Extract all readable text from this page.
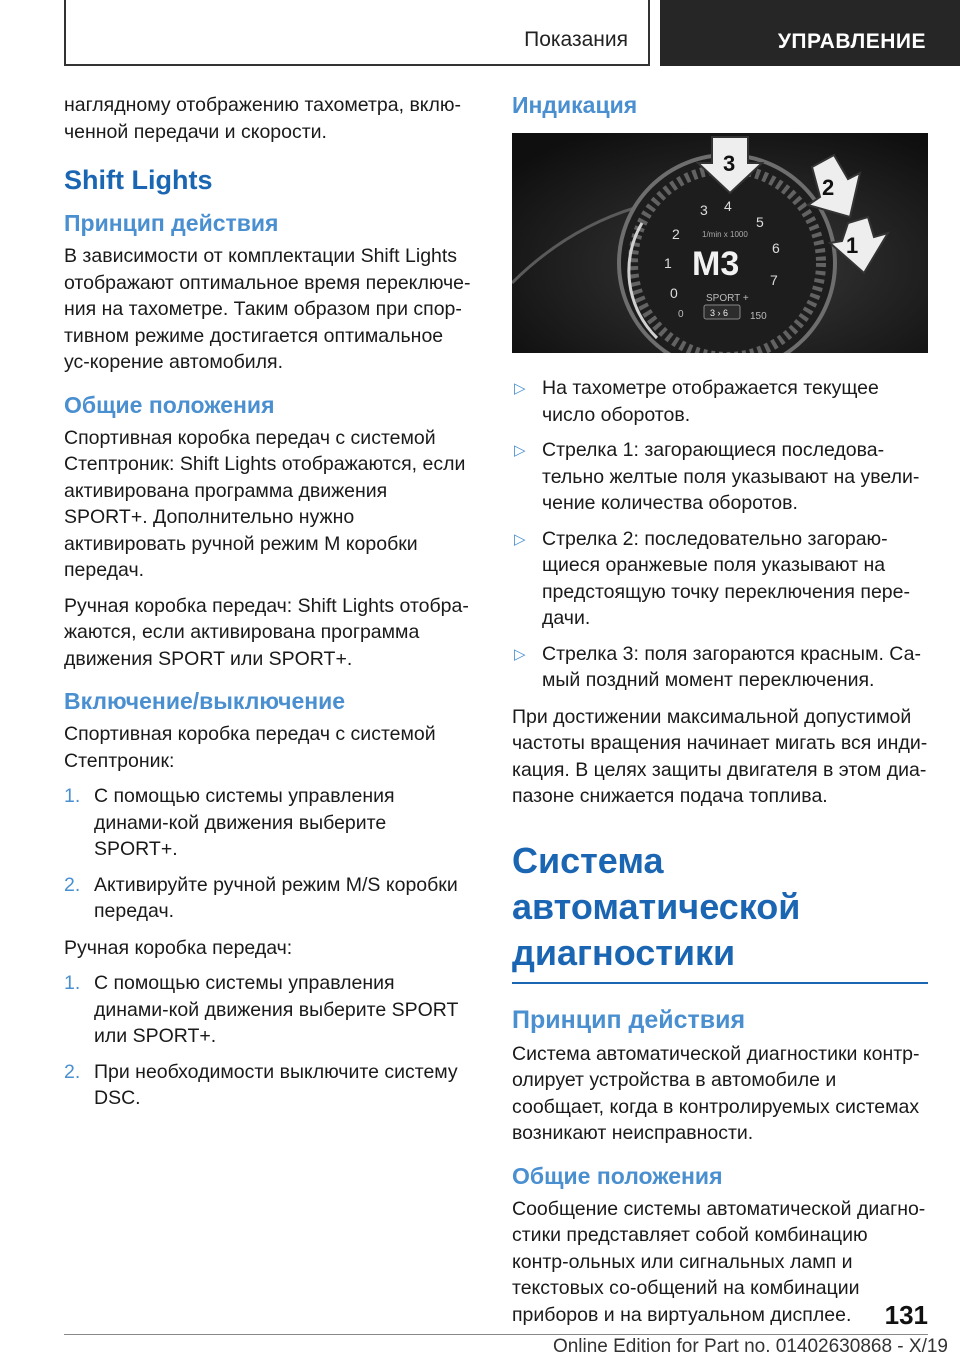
Показания	УПРАВЛЕНИЕ

наглядному отображению тахометра, вклю-ченной передачи и скорости.

Shift Lights
Принцип действия

В зависимости от комплектации Shift Lights отображают оптимальное время переключе-ния на тахометре. Таким образом при спор-тивном режиме достигается оптимальное ус-корение автомобиля.

Общие положения

Спортивная коробка передач с системой Стептроник: Shift Lights отображаются, если активирована программа движения SPORT+. Дополнительно нужно активировать ручной режим M коробки передач.

Ручная коробка передач: Shift Lights отобра-жаются, если активирована программа движения SPORT или SPORT+.

Включение/выключение

Спортивная коробка передач с системой Стептроник:

1. С помощью системы управления динами-кой движения выберите SPORT+.
2. Активируйте ручной режим M/S коробки передач.

Ручная коробка передач:

1. С помощью системы управления динами-кой движения выберите SPORT или SPORT+.
2. При необходимости выключите систему DSC.
Индикация
0
1
2
3 4
5
6
7
1/min x 1000
M3
SPORT +
3 › 6
0	150
3
2
1
▷ На тахометре отображается текущее число оборотов.
▷ Стрелка 1: загорающиеся последова-тельно желтые поля указывают на увели-чение количества оборотов.
▷ Стрелка 2: последовательно загораю-щиеся оранжевые поля указывают на предстоящую точку переключения пере-дачи.
▷ Стрелка 3: поля загораются красным. Са-мый поздний момент переключения.

При достижении максимальной допустимой частоты вращения начинает мигать вся инди-кация. В целях защиты двигателя в этом диа-пазоне снижается подача топлива.

Система автоматической диагностики
Принцип действия

Система автоматической диагностики контр-олирует устройства в автомобиле и сообщает, когда в контролируемых системах возникают неисправности.

Общие положения

Сообщение системы автоматической диагно-стики представляет собой комбинацию контр-ольных или сигнальных ламп и текстовых со-общений на комбинации приборов и на виртуальном дисплее.	131
Online Edition for Part no. 01402630868 - X/19
